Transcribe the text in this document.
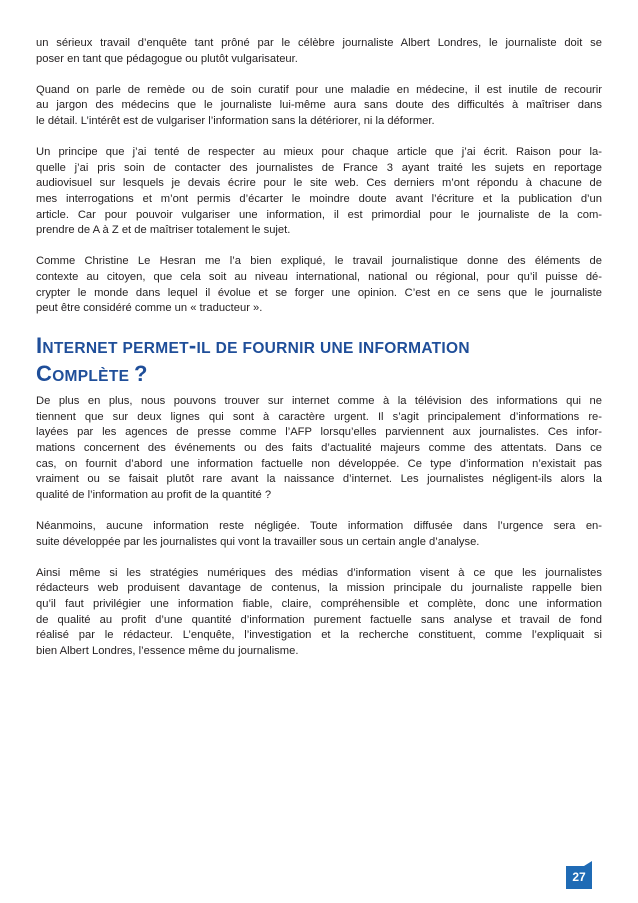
un sérieux travail d’enquête tant prôné par le célèbre journaliste Albert Londres, le journaliste doit se
poser en tant que pédagogue ou plutôt vulgarisateur.
Quand on parle de remède ou de soin curatif pour une maladie en médecine, il est inutile de recourir
au jargon des médecins que le journaliste lui-même aura sans doute des difficultés à maîtriser dans
le détail. L’intérêt est de vulgariser l’information sans la détériorer, ni la déformer.
Un principe que j’ai tenté de respecter au mieux pour chaque article que j’ai écrit. Raison pour la-
quelle j’ai pris soin de contacter des journalistes de France 3 ayant traité les sujets en reportage
audiovisuel sur lesquels je devais écrire pour le site web. Ces derniers m’ont répondu à chacune de
mes interrogations et m’ont permis d’écarter le moindre doute avant l’écriture et la publication d’un
article. Car pour pouvoir vulgariser une information, il est primordial pour le journaliste de la com-
prendre de A à Z et de maîtriser totalement le sujet.
Comme Christine Le Hesran me l’a bien expliqué, le travail journalistique donne des éléments de
contexte au citoyen, que cela soit au niveau international, national ou régional, pour qu’il puisse dé-
crypter le monde dans lequel il évolue et se forger une opinion. C’est en ce sens que le journaliste
peut être considéré comme un « traducteur ».
INTERNET PERMET-IL DE FOURNIR UNE INFORMATION
COMPLÈTE ?
De plus en plus, nous pouvons trouver sur internet comme à la télévision des informations qui ne
tiennent que sur deux lignes qui sont à caractère urgent. Il s’agit principalement d’informations re-
layées par les agences de presse comme l’AFP lorsqu’elles parviennent aux journalistes. Ces infor-
mations concernent des événements ou des faits d’actualité majeurs comme des attentats. Dans ce
cas, on fournit d’abord une information factuelle non développée. Ce type d’information n’existait pas
vraiment ou se faisait plutôt rare avant la naissance d’internet. Les journalistes négligent-ils alors la
qualité de l’information au profit de la quantité ?
Néanmoins, aucune information reste négligée. Toute information diffusée dans l’urgence sera en-
suite développée par les journalistes qui vont la travailler sous un certain angle d’analyse.
Ainsi même si les stratégies numériques des médias d’information visent à ce que les journalistes
rédacteurs web produisent davantage de contenus, la mission principale du journaliste rappelle bien
qu’il faut privilégier une information fiable, claire, compréhensible et complète, donc une information
de qualité au profit d’une quantité d’information purement factuelle sans analyse et travail de fond
réalisé par le rédacteur. L’enquête, l’investigation et la recherche constituent, comme l’expliquait si
bien Albert Londres, l’essence même du journalisme.
27
